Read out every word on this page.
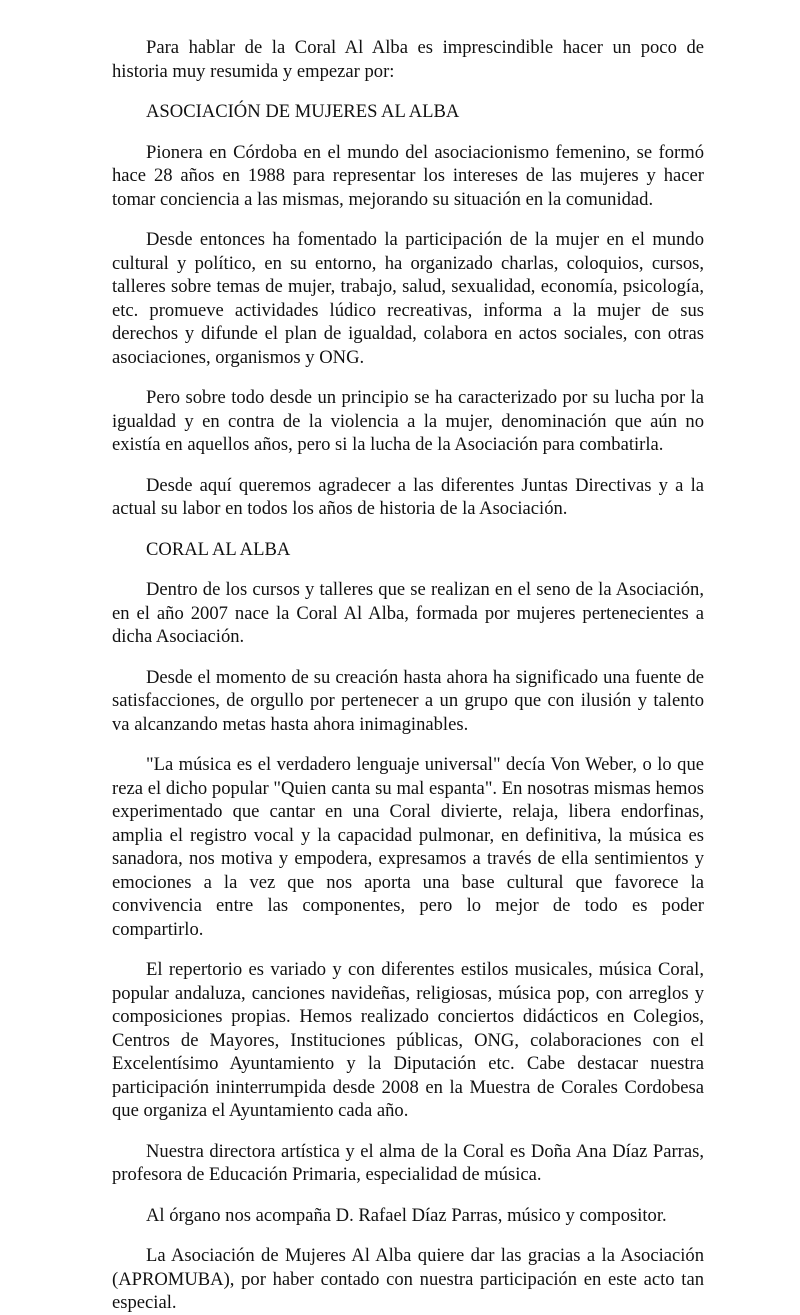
Para hablar de la Coral Al Alba es imprescindible hacer un poco de historia muy resumida y empezar por:

ASOCIACIÓN DE MUJERES AL ALBA

Pionera en Córdoba en el mundo del asociacionismo femenino, se formó hace 28 años en 1988 para representar los intereses de las mujeres y hacer tomar conciencia a las mismas, mejorando su situación en la comunidad.

Desde entonces ha fomentado la participación de la mujer en el mundo cultural y político, en su entorno, ha organizado charlas, coloquios, cursos, talleres sobre temas de mujer, trabajo, salud, sexualidad, economía, psicología, etc. promueve actividades lúdico recreativas, informa a la mujer de sus derechos y difunde el plan de igualdad, colabora en actos sociales, con otras asociaciones, organismos y ONG.

Pero sobre todo desde un principio se ha caracterizado por su lucha por la igualdad y en contra de la violencia a la mujer, denominación que aún no existía en aquellos años, pero si la lucha de la Asociación para combatirla.

Desde aquí queremos agradecer a las diferentes Juntas Directivas y a la actual su labor en todos los años de historia de la Asociación.

CORAL AL ALBA

Dentro de los cursos y talleres que se realizan en el seno de la Asociación, en el año 2007 nace la Coral Al Alba, formada por mujeres pertenecientes a dicha Asociación.

Desde el momento de su creación hasta ahora ha significado una fuente de satisfacciones, de orgullo por pertenecer a un grupo que con ilusión y talento va alcanzando metas hasta ahora inimaginables.

"La música es el verdadero lenguaje universal" decía Von Weber, o lo que reza el dicho popular "Quien canta su mal espanta". En nosotras mismas hemos experimentado que cantar en una Coral divierte, relaja, libera endorfinas, amplia el registro vocal y la capacidad pulmonar, en definitiva, la música es sanadora, nos motiva y empodera, expresamos a través de ella sentimientos y emociones a la vez que nos aporta una base cultural que favorece la convivencia entre las componentes, pero lo mejor de todo es poder compartirlo.

El repertorio es variado y con diferentes estilos musicales, música Coral, popular andaluza, canciones navideñas, religiosas, música pop, con arreglos y composiciones propias. Hemos realizado conciertos didácticos en Colegios, Centros de Mayores, Instituciones públicas, ONG, colaboraciones con el Excelentísimo Ayuntamiento y la Diputación etc. Cabe destacar nuestra participación ininterrumpida desde 2008 en la Muestra de Corales Cordobesa que organiza el Ayuntamiento cada año.

Nuestra directora artística y el alma de la Coral es Doña Ana Díaz Parras, profesora de Educación Primaria, especialidad de música.

Al órgano nos acompaña D. Rafael Díaz Parras, músico y compositor.

La Asociación de Mujeres Al Alba quiere dar las gracias a la Asociación (APROMUBA), por haber contado con nuestra participación en este acto tan especial.
